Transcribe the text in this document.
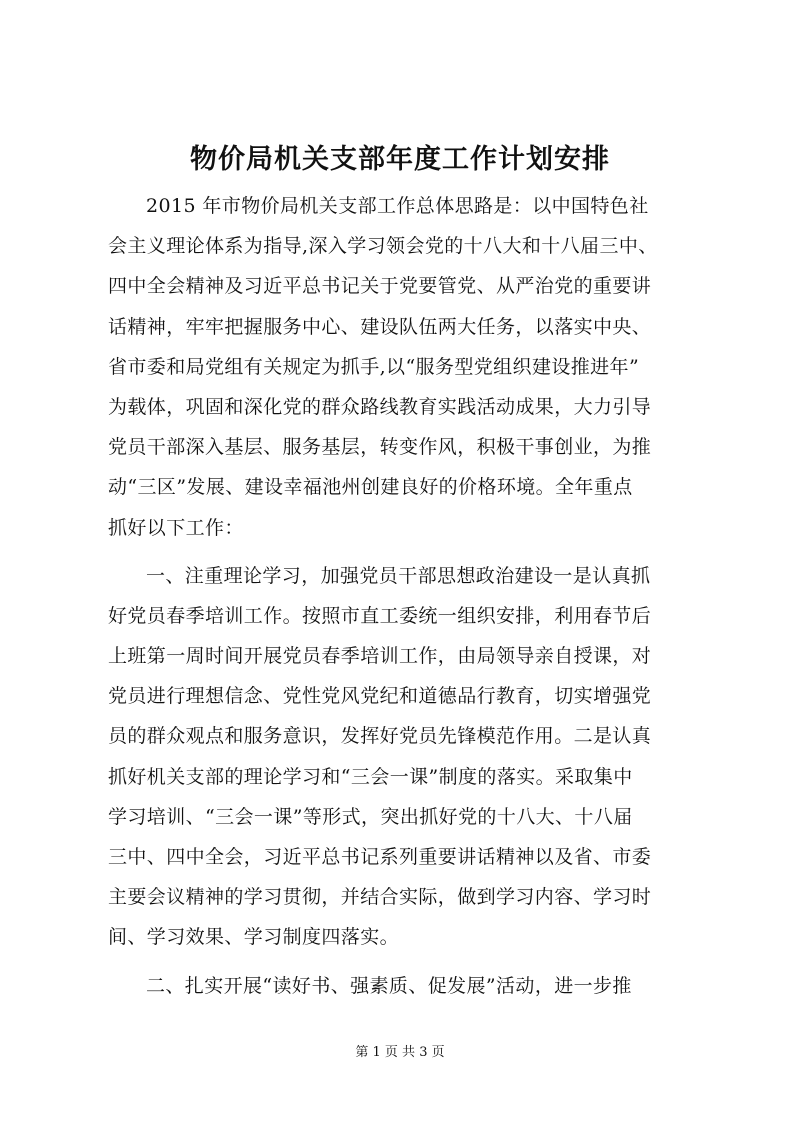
物价局机关支部年度工作计划安排
2015 年市物价局机关支部工作总体思路是：以中国特色社
会主义理论体系为指导,深入学习领会党的十八大和十八届三中、
四中全会精神及习近平总书记关于党要管党、从严治党的重要讲
话精神，牢牢把握服务中心、建设队伍两大任务，以落实中央、
省市委和局党组有关规定为抓手,以“服务型党组织建设推进年”
为载体，巩固和深化党的群众路线教育实践活动成果，大力引导
党员干部深入基层、服务基层，转变作风，积极干事创业，为推
动“三区”发展、建设幸福池州创建良好的价格环境。全年重点
抓好以下工作：
一、注重理论学习，加强党员干部思想政治建设一是认真抓
好党员春季培训工作。按照市直工委统一组织安排，利用春节后
上班第一周时间开展党员春季培训工作，由局领导亲自授课，对
党员进行理想信念、党性党风党纪和道德品行教育，切实增强党
员的群众观点和服务意识，发挥好党员先锋模范作用。二是认真
抓好机关支部的理论学习和“三会一课”制度的落实。采取集中
学习培训、“三会一课”等形式，突出抓好党的十八大、十八届
三中、四中全会，习近平总书记系列重要讲话精神以及省、市委
主要会议精神的学习贯彻，并结合实际，做到学习内容、学习时
间、学习效果、学习制度四落实。
二、扎实开展“读好书、强素质、促发展”活动，进一步推
第 1 页 共 3 页
